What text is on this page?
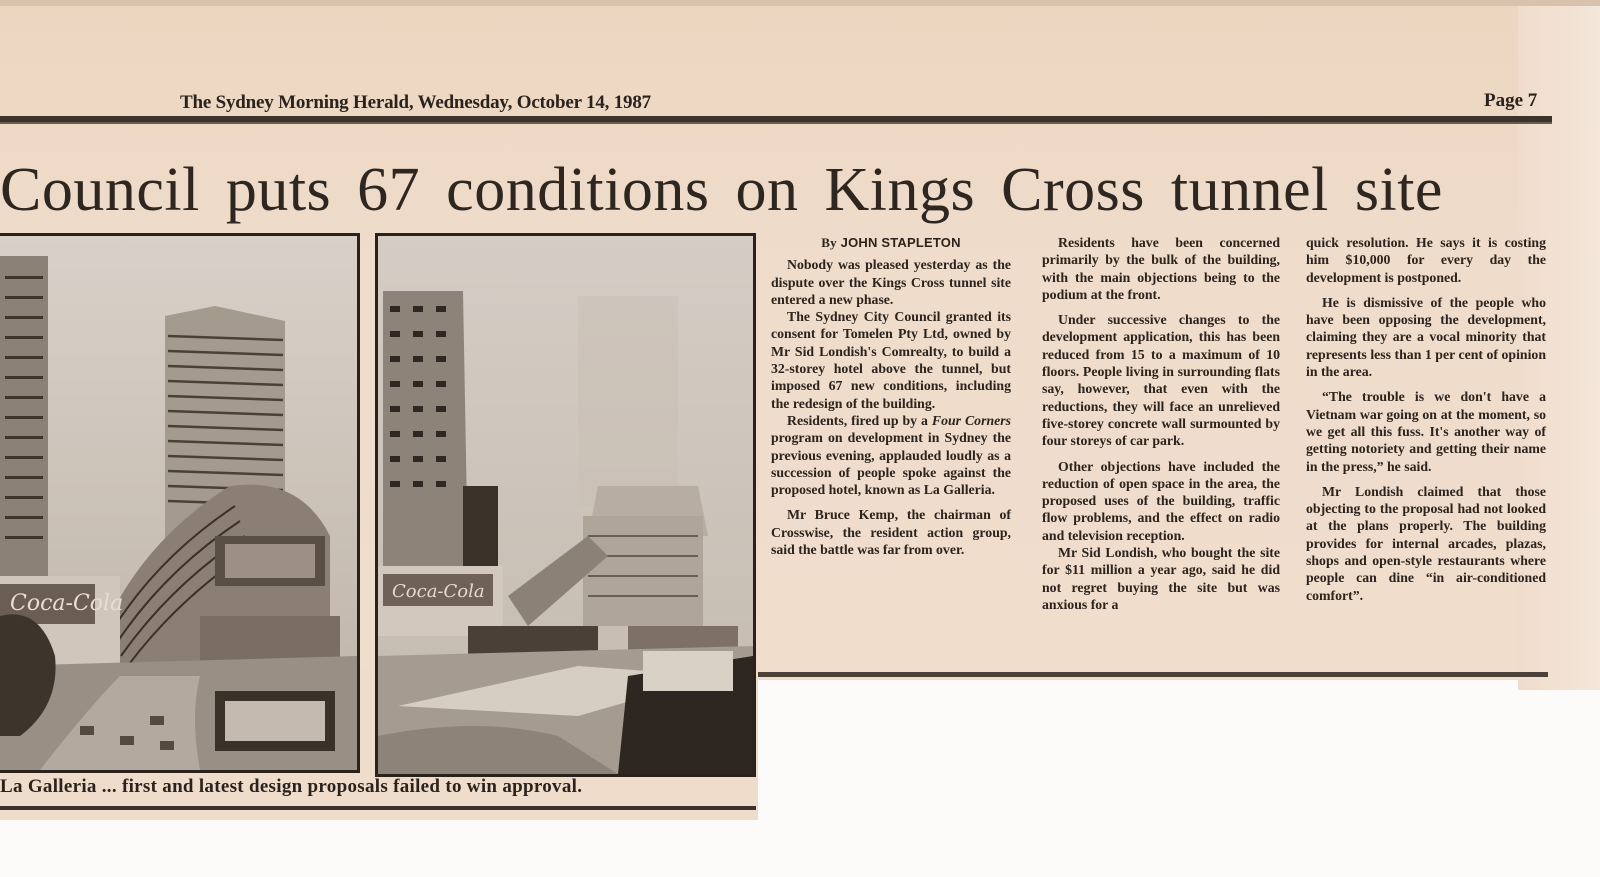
The Sydney Morning Herald, Wednesday, October 14, 1987	Page 7
Council puts 67 conditions on Kings Cross tunnel site
Coca-Cola	Coca-Cola
La Galleria ... first and latest design proposals failed to win approval.
By JOHN STAPLETON

Nobody was pleased yesterday as the dispute over the Kings Cross tunnel site entered a new phase.

The Sydney City Council granted its consent for Tomelen Pty Ltd, owned by Mr Sid Londish's Comrealty, to build a 32-storey hotel above the tunnel, but imposed 67 new conditions, including the redesign of the building.

Residents, fired up by a Four Corners program on development in Sydney the previous evening, applauded loudly as a succession of people spoke against the proposed hotel, known as La Galleria.

Mr Bruce Kemp, the chairman of Crosswise, the resident action group, said the battle was far from over.

Residents have been concerned primarily by the bulk of the building, with the main objections being to the podium at the front.

Under successive changes to the development application, this has been reduced from 15 to a maximum of 10 floors. People living in surrounding flats say, however, that even with the reductions, they will face an unrelieved five-storey concrete wall surmounted by four storeys of car park.

Other objections have included the reduction of open space in the area, the proposed uses of the building, traffic flow problems, and the effect on radio and television reception.

Mr Sid Londish, who bought the site for $11 million a year ago, said he did not regret buying the site but was anxious for a

quick resolution. He says it is costing him $10,000 for every day the development is postponed.

He is dismissive of the people who have been opposing the development, claiming they are a vocal minority that represents less than 1 per cent of opinion in the area.

“The trouble is we don't have a Vietnam war going on at the moment, so we get all this fuss. It's another way of getting notoriety and getting their name in the press,” he said.

Mr Londish claimed that those objecting to the proposal had not looked at the plans properly. The building provides for internal arcades, plazas, shops and open-style restaurants where people can dine “in air-conditioned comfort”.
